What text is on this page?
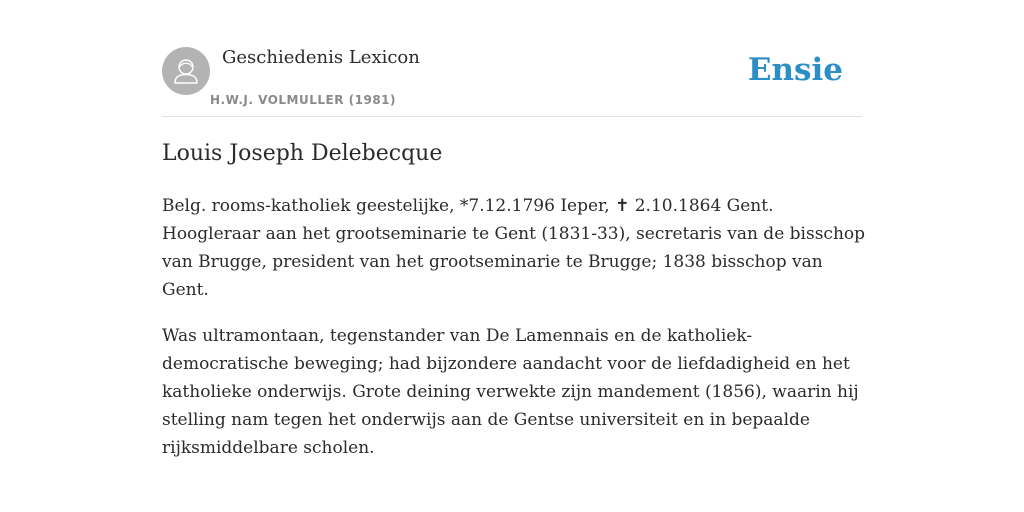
Geschiedenis Lexicon
H.W.J. VOLMULLER (1981)
Ensie
Louis Joseph Delebecque

Belg. rooms-katholiek geestelijke, *7.12.1796 Ieper, ✝ 2.10.1864 Gent. Hoogleraar aan het grootseminarie te Gent (1831-33), secretaris van de bisschop van Brugge, president van het grootseminarie te Brugge; 1838 bisschop van Gent.

Was ultramontaan, tegenstander van De Lamennais en de katholiek-democratische beweging; had bijzondere aandacht voor de liefdadigheid en het katholieke onderwijs. Grote deining verwekte zijn mandement (1856), waarin hij stelling nam tegen het onderwijs aan de Gentse universiteit en in bepaalde rijksmiddelbare scholen.
